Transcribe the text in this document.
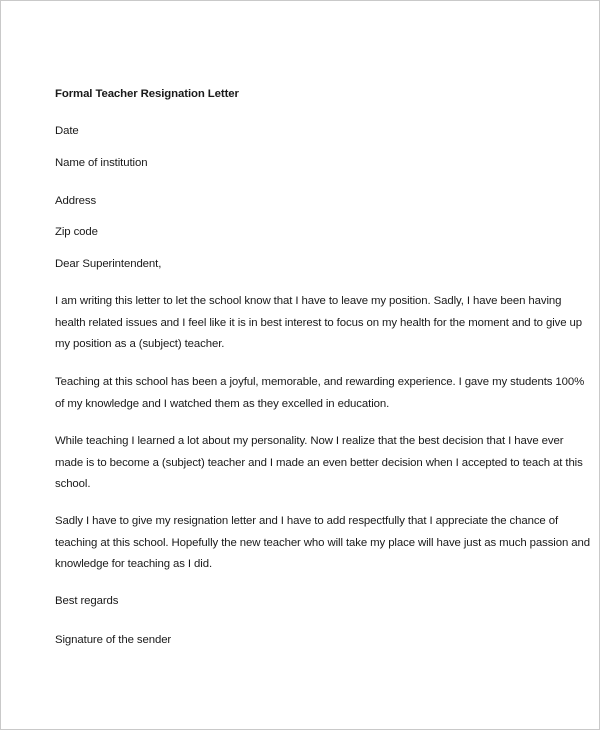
Formal Teacher Resignation Letter
Date
Name of institution
Address
Zip code
Dear Superintendent,
I am writing this letter to let the school know that I have to leave my position. Sadly, I have been having
health related issues and I feel like it is in best interest to focus on my health for the moment and to give up
my position as a (subject) teacher.
Teaching at this school has been a joyful, memorable, and rewarding experience. I gave my students 100%
of my knowledge and I watched them as they excelled in education.
While teaching I learned a lot about my personality. Now I realize that the best decision that I have ever
made is to become a (subject) teacher and I made an even better decision when I accepted to teach at this
school.
Sadly I have to give my resignation letter and I have to add respectfully that I appreciate the chance of
teaching at this school. Hopefully the new teacher who will take my place will have just as much passion and
knowledge for teaching as I did.
Best regards
Signature of the sender
